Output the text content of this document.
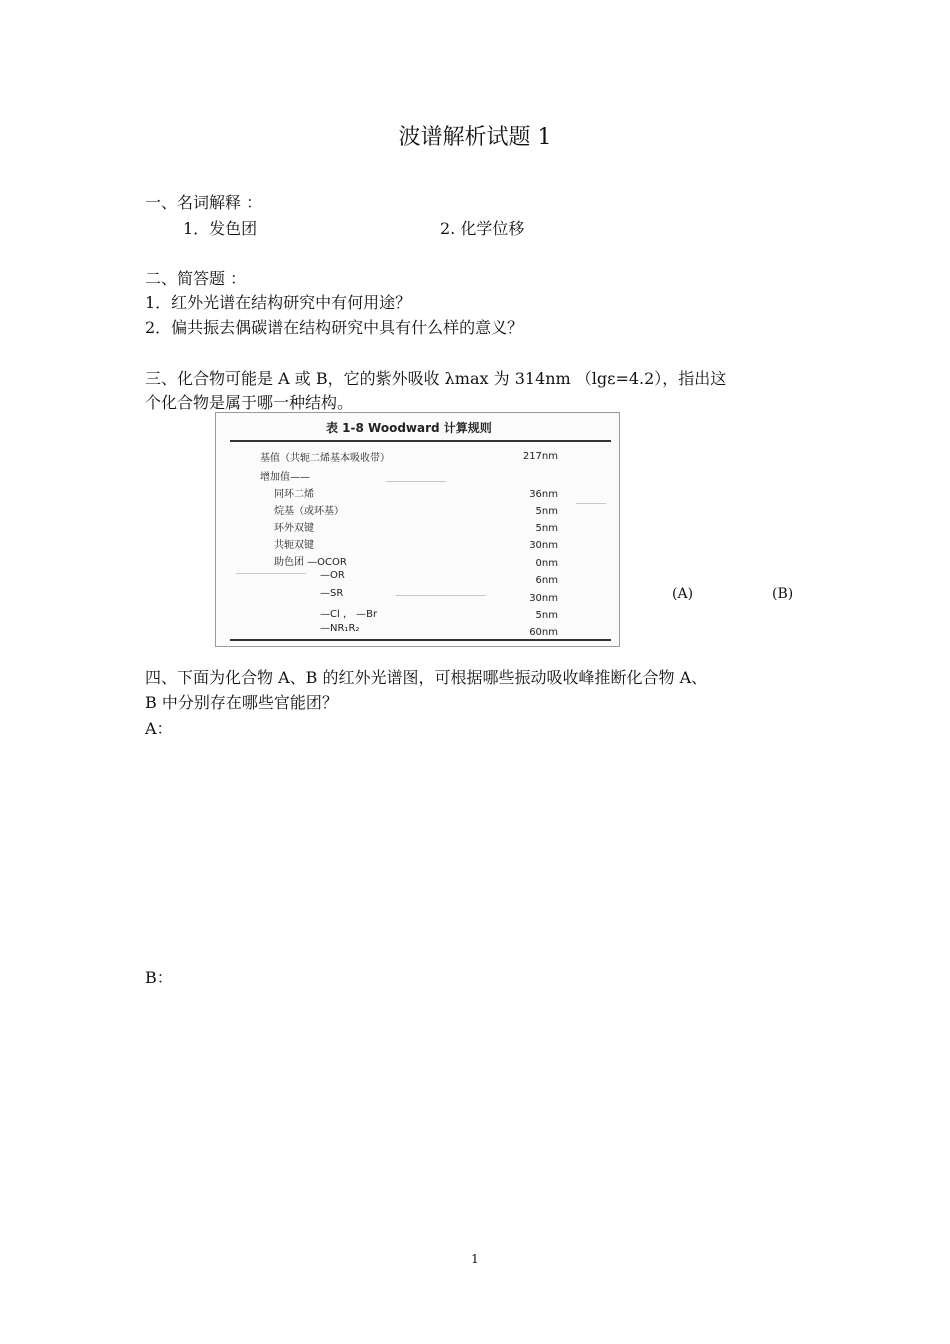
波谱解析试题 1
一、名词解释 ：
1．发色团	2. 化学位移
二、简答题 ：
1．红外光谱在结构研究中有何用途？
2．偏共振去偶碳谱在结构研究中具有什么样的意义？
三、化合物可能是 A 或 B，它的紫外吸收 λmax 为 314nm （lgε=4.2），指出这
个化合物是属于哪一种结构。
表 1-8 Woodward 计算规则
基值（共轭二烯基本吸收带）	217nm
增加值——
同环二烯	36nm
烷基（或环基）	5nm
环外双键	5nm
共轭双键	30nm
助色团 —OCOR	0nm
—OR	6nm
—SR	30nm
—Cl ， —Br	5nm
—NR₁R₂	60nm
(A)	(B)
四、下面为化合物 A、B 的红外光谱图，可根据哪些振动吸收峰推断化合物 A、
B 中分别存在哪些官能团？
A：
B：
1
